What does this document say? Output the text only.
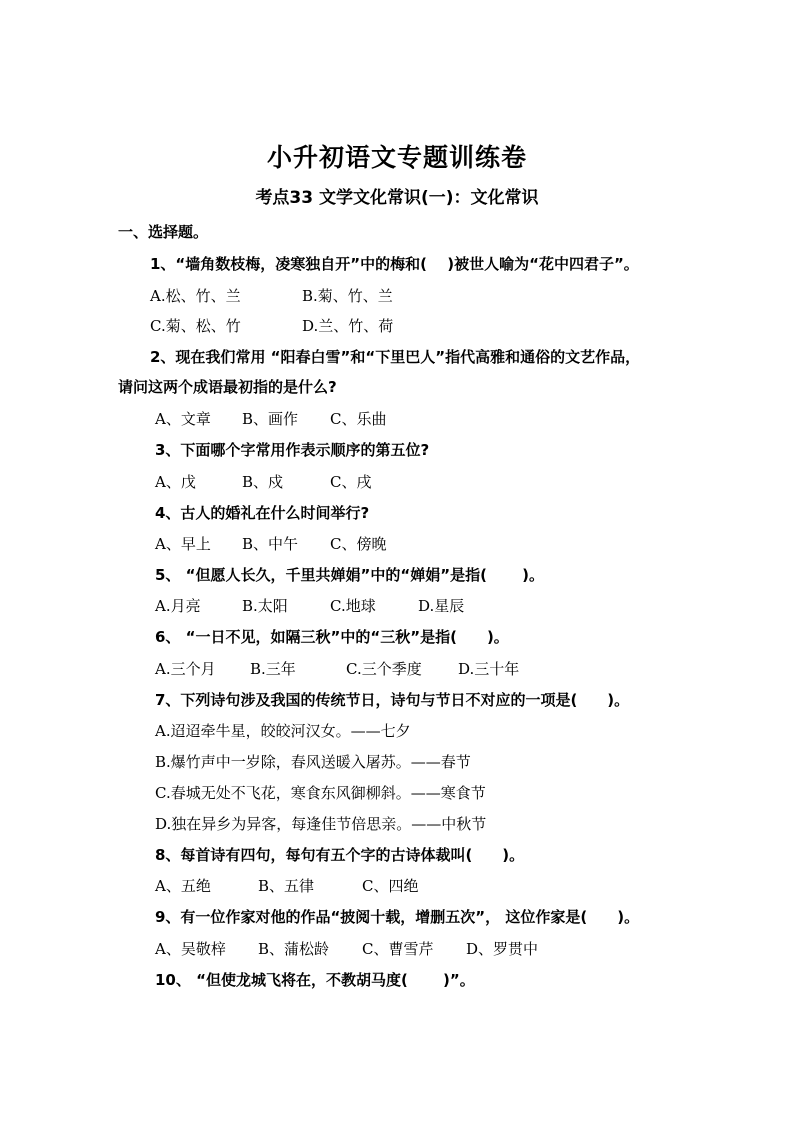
小升初语文专题训练卷
考点33 文学文化常识(一)：文化常识
一、选择题。
1、“墙角数枝梅，凌寒独自开”中的梅和(　 )被世人喻为“花中四君子”。
A.松、竹、兰	B.菊、竹、兰
C.菊、松、竹	D.兰、竹、荷
2、现在我们常用 “阳春白雪”和“下里巴人”指代高雅和通俗的文艺作品，
请问这两个成语最初指的是什么?
A、文章 B、画作 C、乐曲
3、下面哪个字常用作表示顺序的第五位?
A、戊	B、戍	C、戌
4、古人的婚礼在什么时间举行?
A、早上 B、中午 C、傍晚
5、 “但愿人长久，千里共婵娟”中的“婵娟”是指(　　 )。
A.月亮	B.太阳	C.地球	D.星辰
6、 “一日不见，如隔三秋”中的“三秋”是指(　　)。
A.三个月 B.三年	C.三个季度 D.三十年
7、下列诗句涉及我国的传统节日，诗句与节日不对应的一项是(　　)。
A.迢迢牵牛星，皎皎河汉女。——七夕
B.爆竹声中一岁除，春风送暖入屠苏。——春节
C.春城无处不飞花，寒食东风御柳斜。——寒食节
D.独在异乡为异客，每逢佳节倍思亲。——中秋节
8、每首诗有四句，每句有五个字的古诗体裁叫(　　)。
A、五绝	B、五律	C、四绝
9、有一位作家对他的作品“披阅十载，增删五次”， 这位作家是(　　)。
A、吴敬梓 B、蒲松龄 C、曹雪芹 D、罗贯中
10、 “但使龙城飞将在，不教胡马度(　　 )”。
